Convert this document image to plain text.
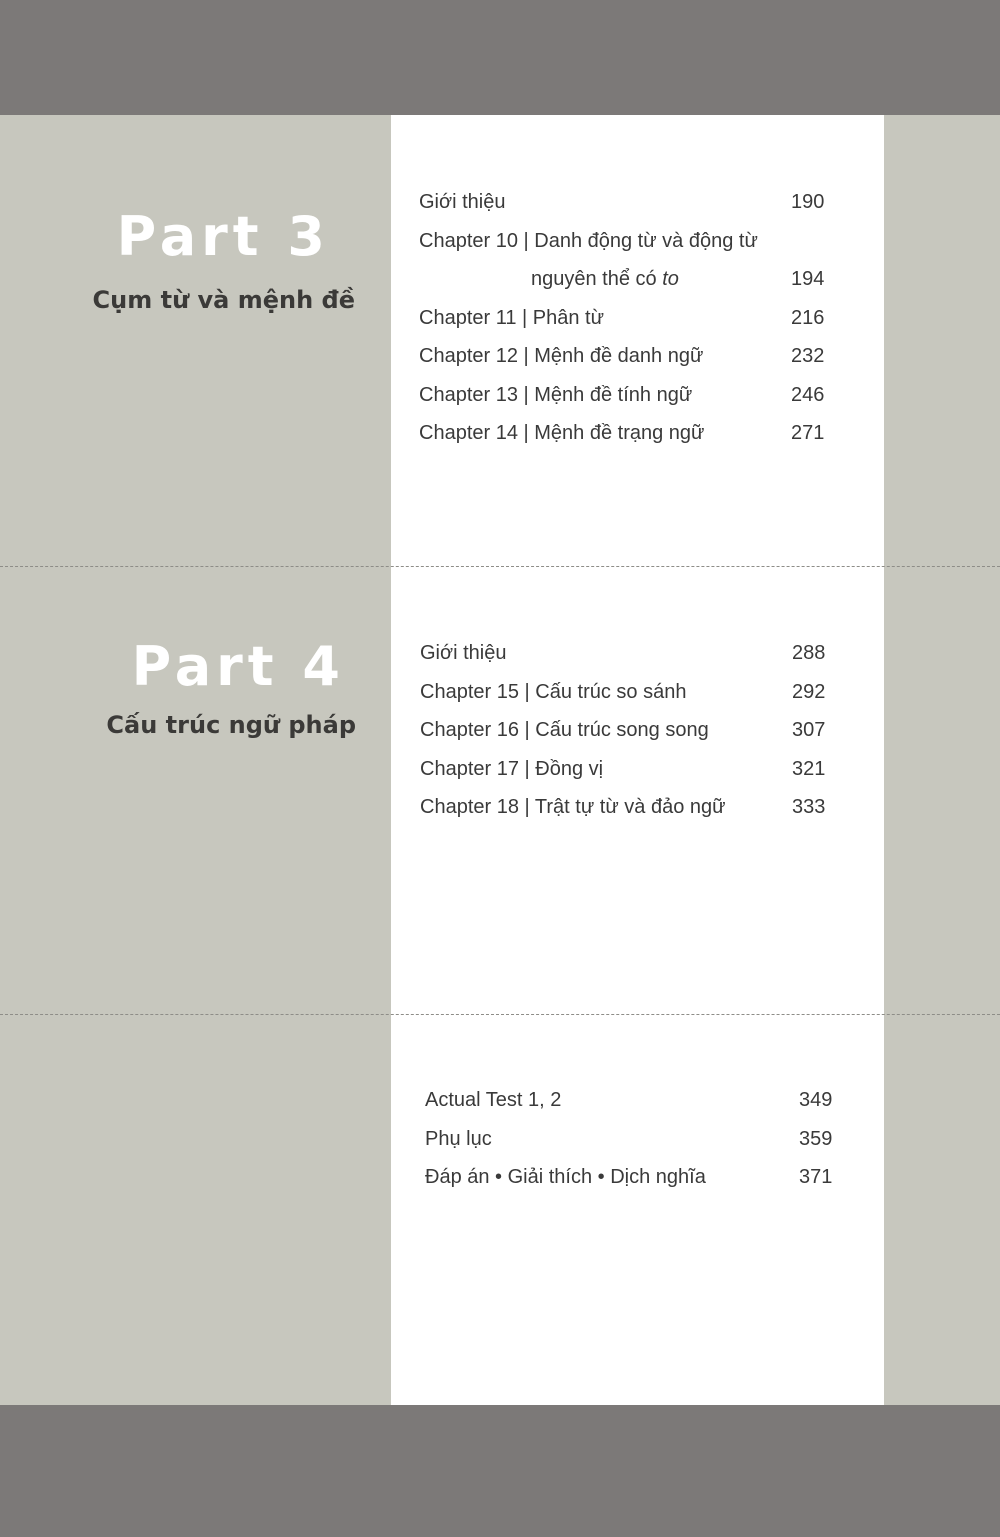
Part 3
Cụm từ và mệnh đề
Giới thiệu	190
Chapter 10 | Danh động từ và động từ
nguyên thể có to	194
Chapter 11 | Phân từ	216
Chapter 12 | Mệnh đề danh ngữ	232
Chapter 13 | Mệnh đề tính ngữ	246
Chapter 14 | Mệnh đề trạng ngữ	271
Part 4
Cấu trúc ngữ pháp
Giới thiệu	288
Chapter 15 | Cấu trúc so sánh	292
Chapter 16 | Cấu trúc song song	307
Chapter 17 | Đồng vị	321
Chapter 18 | Trật tự từ và đảo ngữ	333
Actual Test 1, 2	349
Phụ lục	359
Đáp án • Giải thích • Dịch nghĩa	371
